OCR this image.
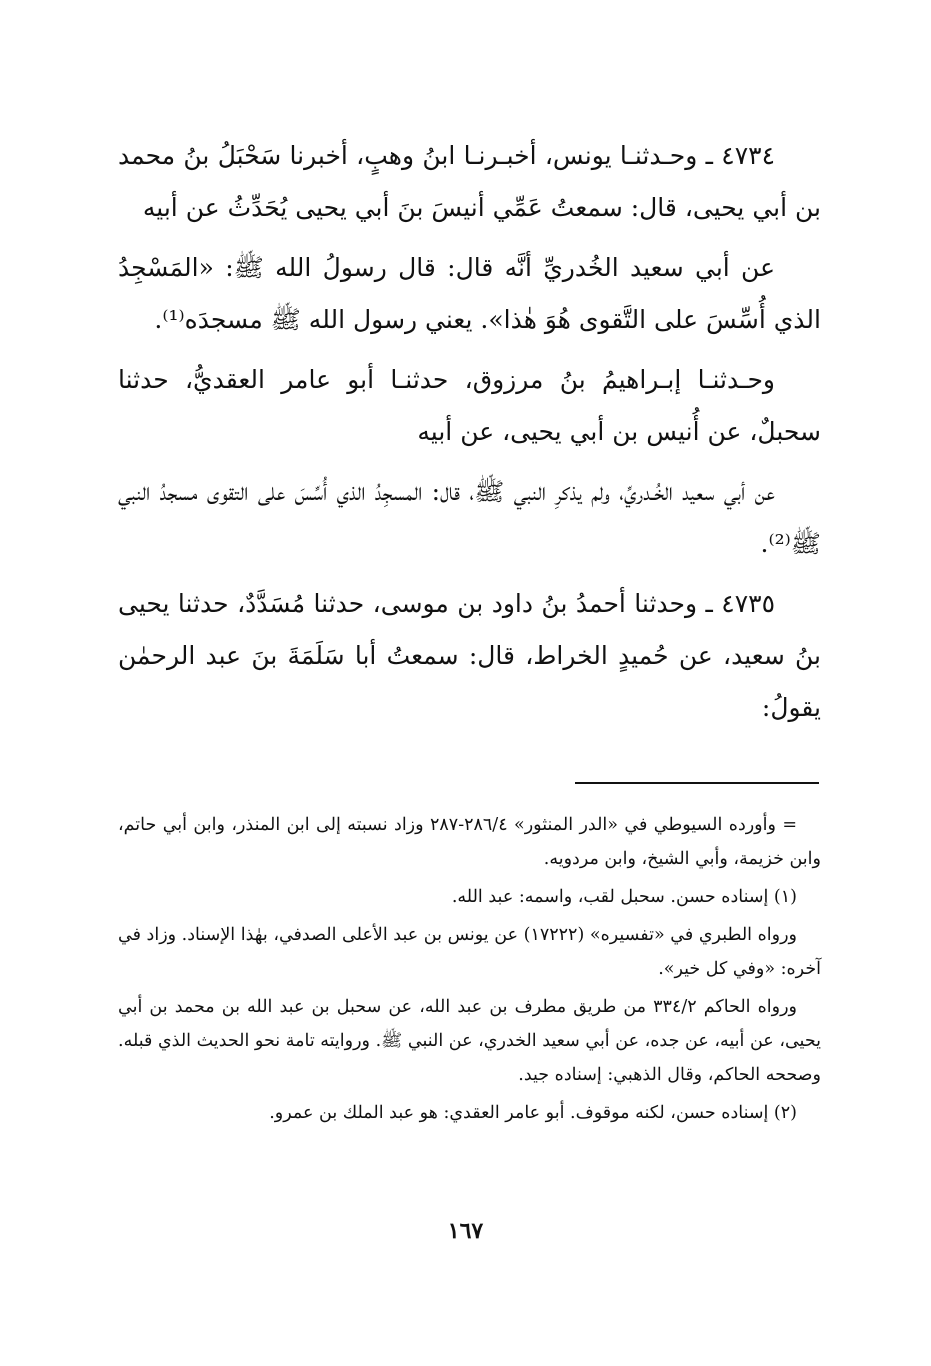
٤٧٣٤ ـ وحـدثنـا يونس، أخبـرنـا ابنُ وهبٍ، أخبرنا سَحْبَلُ بنُ محمد بن أبي يحيى، قال: سمعتُ عَمِّي أنيسَ بنَ أبي يحيى يُحَدِّثُ عن أبيه

عن أبي سعيد الخُدريِّ أنَّه قال: قال رسولُ الله ﷺ: «المَسْجِدُ الذي أُسِّسَ على التَّقوى هُوَ هٰذا». يعني رسول الله ﷺ مسجدَه⁽¹⁾.

وحـدثنـا إبـراهيمُ بنُ مرزوق، حدثنـا أبو عامر العقديُّ، حدثنا سحبلٌ، عن أُنيس بن أبي يحيى، عن أبيه

عن أبي سعيد الخُـدريِّ، ولم يذكرِ النبي ﷺ، قال: المسجِدُ الذي أُسِّسَ على التقوى مسجدُ النبي ﷺ⁽²⁾.

٤٧٣٥ ـ وحدثنا أحمدُ بنُ داود بن موسى، حدثنا مُسَدَّدٌ، حدثنا يحيى بنُ سعيد، عن حُميدٍ الخراط، قال: سمعتُ أبا سَلَمَةَ بنَ عبد الرحمٰن يقولُ:

= وأورده السيوطي في «الدر المنثور» ٢٨٦/٤-٢٨٧ وزاد نسبته إلى ابن المنذر، وابن أبي حاتم، وابن خزيمة، وأبي الشيخ، وابن مردويه.

(١) إسناده حسن. سحبل لقب، واسمه: عبد الله.

ورواه الطبري في «تفسيره» (١٧٢٢٢) عن يونس بن عبد الأعلى الصدفي، بهٰذا الإسناد. وزاد في آخره: «وفي كل خير».

ورواه الحاكم ٣٣٤/٢ من طريق مطرف بن عبد الله، عن سحبل بن عبد الله بن محمد بن أبي يحيى، عن أبيه، عن جده، عن أبي سعيد الخدري، عن النبي ﷺ. وروايته تامة نحو الحديث الذي قبله. وصححه الحاكم، وقال الذهبي: إسناده جيد.

(٢) إسناده حسن، لكنه موقوف. أبو عامر العقدي: هو عبد الملك بن عمرو.

١٦٧
